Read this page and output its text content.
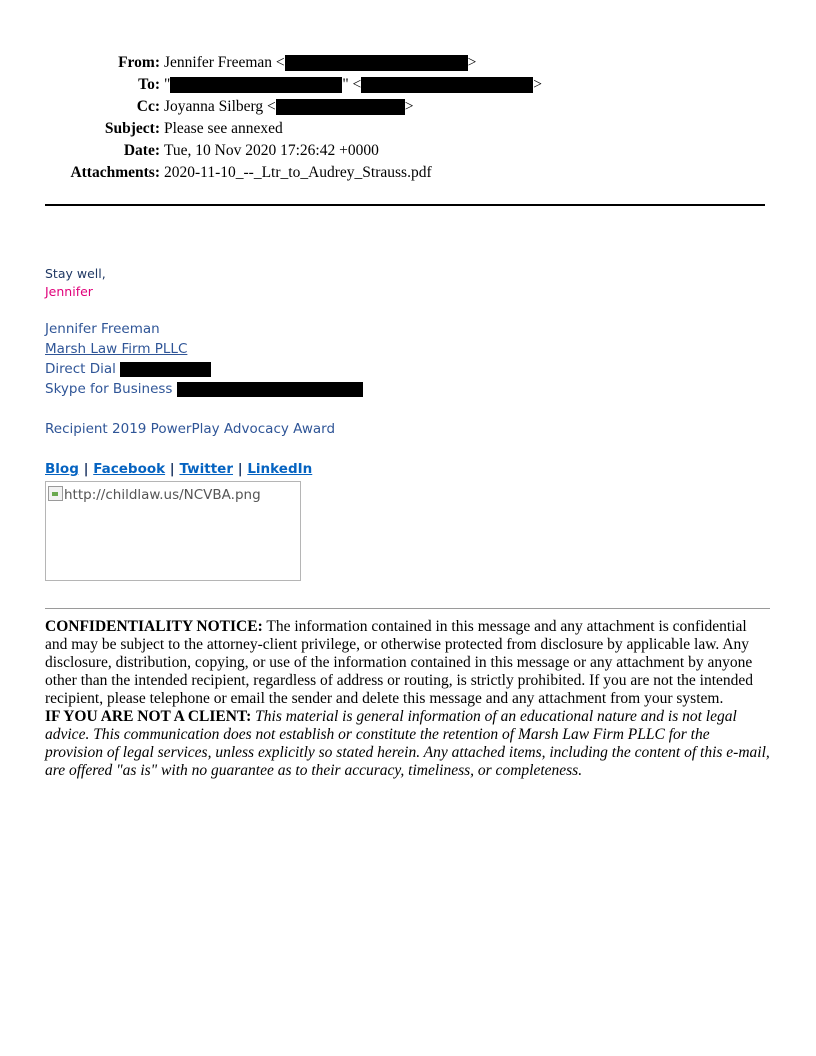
From: Jennifer Freeman <	>
To: "	" <	>
Cc: Joyanna Silberg <	>
Subject: Please see annexed
Date: Tue, 10 Nov 2020 17:26:42 +0000
Attachments: 2020-11-10_--_Ltr_to_Audrey_Strauss.pdf
Stay well,
Jennifer
Jennifer Freeman
Marsh Law Firm PLLC
Direct Dial
Skype for Business
Recipient 2019 PowerPlay Advocacy Award
Blog | Facebook | Twitter | LinkedIn
http://childlaw.us/NCVBA.png

CONFIDENTIALITY NOTICE: The information contained in this message and any attachment is confidential and may be subject to the attorney-client privilege, or otherwise protected from disclosure by applicable law. Any disclosure, distribution, copying, or use of the information contained in this message or any attachment by anyone other than the intended recipient, regardless of address or routing, is strictly prohibited. If you are not the intended recipient, please telephone or email the sender and delete this message and any attachment from your system.

IF YOU ARE NOT A CLIENT: This material is general information of an educational nature and is not legal advice. This communication does not establish or constitute the retention of Marsh Law Firm PLLC for the provision of legal services, unless explicitly so stated herein. Any attached items, including the content of this e-mail, are offered "as is" with no guarantee as to their accuracy, timeliness, or completeness.
